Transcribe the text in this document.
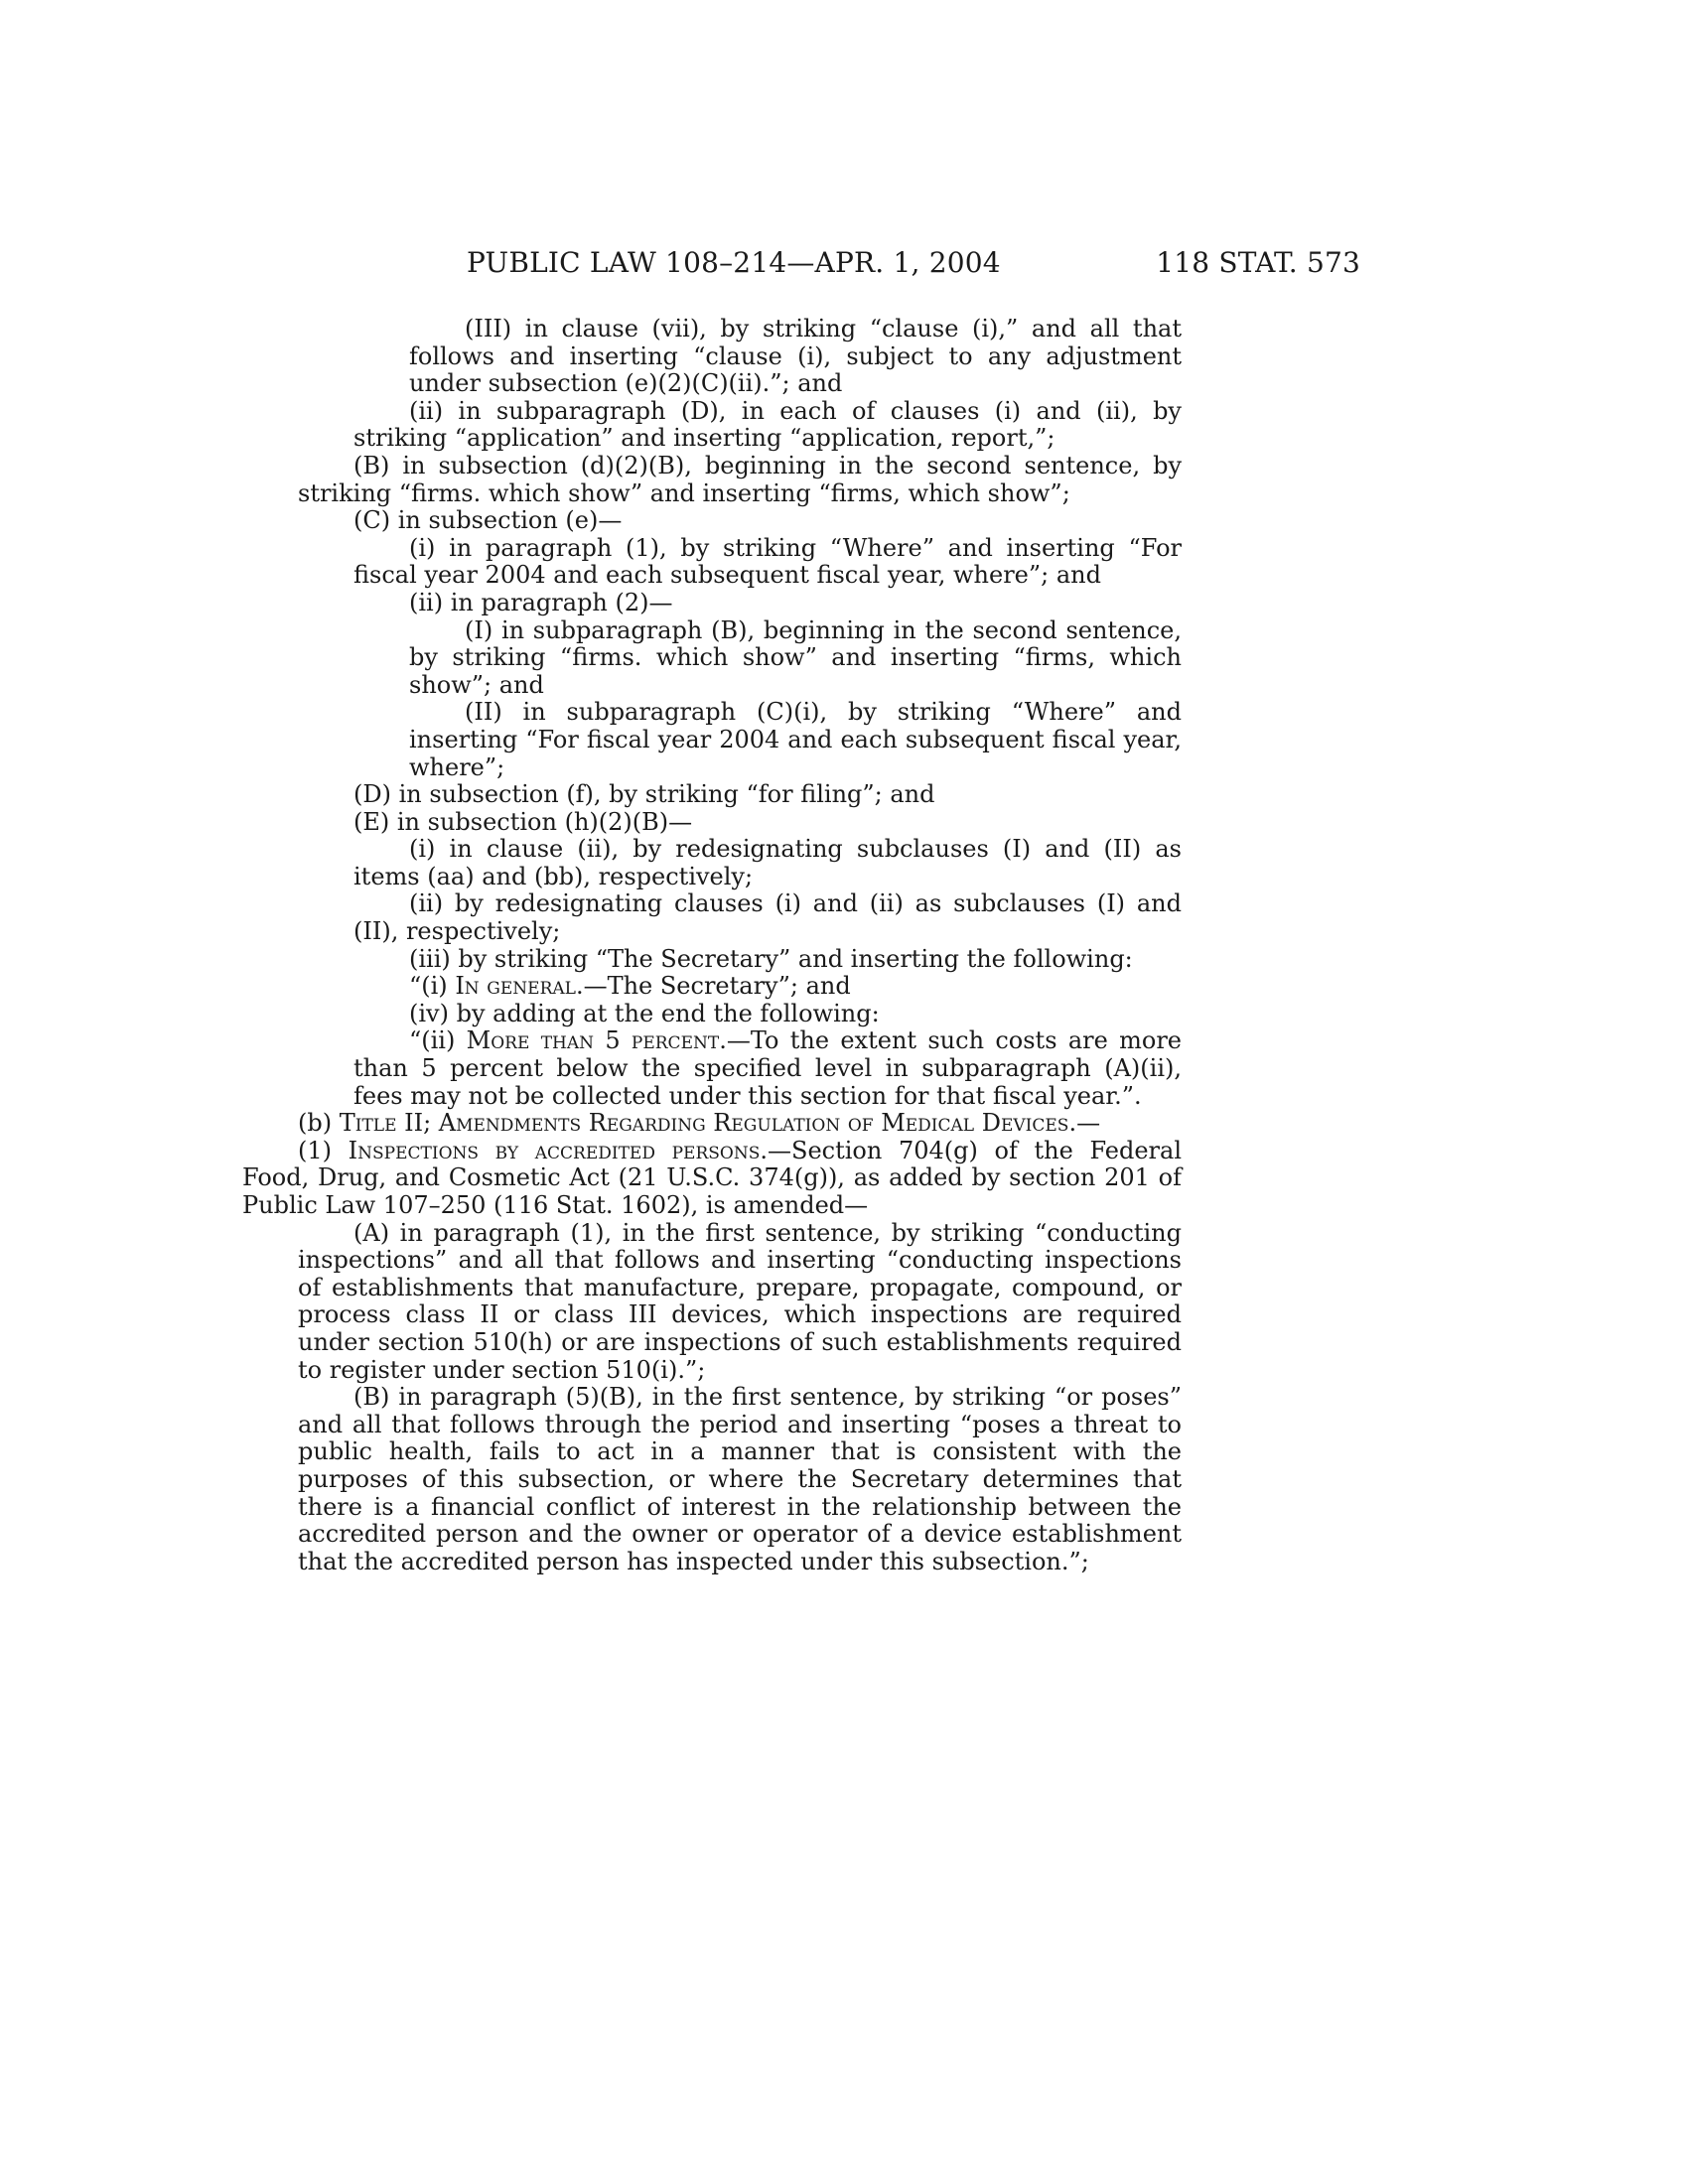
PUBLIC LAW 108–214—APR. 1, 2004	118 STAT. 573

(III) in clause (vii), by striking “clause (i),” and all that follows and inserting “clause (i), subject to any adjustment under subsection (e)(2)(C)(ii).”; and

(ii) in subparagraph (D), in each of clauses (i) and (ii), by striking “application” and inserting “application, report,”;

(B) in subsection (d)(2)(B), beginning in the second sentence, by striking “firms. which show” and inserting “firms, which show”;

(C) in subsection (e)—

(i) in paragraph (1), by striking “Where” and inserting “For fiscal year 2004 and each subsequent fiscal year, where”; and

(ii) in paragraph (2)—

(I) in subparagraph (B), beginning in the second sentence, by striking “firms. which show” and inserting “firms, which show”; and

(II) in subparagraph (C)(i), by striking “Where” and inserting “For fiscal year 2004 and each subsequent fiscal year, where”;

(D) in subsection (f), by striking “for filing”; and

(E) in subsection (h)(2)(B)—

(i) in clause (ii), by redesignating subclauses (I) and (II) as items (aa) and (bb), respectively;

(ii) by redesignating clauses (i) and (ii) as subclauses (I) and (II), respectively;

(iii) by striking “The Secretary” and inserting the following:

“(i) In general.—The Secretary”; and

(iv) by adding at the end the following:

“(ii) More than 5 percent.—To the extent such costs are more than 5 percent below the specified level in subparagraph (A)(ii), fees may not be collected under this section for that fiscal year.”.

(b) Title II; Amendments Regarding Regulation of Medical Devices.—

(1) Inspections by accredited persons.—Section 704(g) of the Federal Food, Drug, and Cosmetic Act (21 U.S.C. 374(g)), as added by section 201 of Public Law 107–250 (116 Stat. 1602), is amended—

(A) in paragraph (1), in the first sentence, by striking “conducting inspections” and all that follows and inserting “conducting inspections of establishments that manufacture, prepare, propagate, compound, or process class II or class III devices, which inspections are required under section 510(h) or are inspections of such establishments required to register under section 510(i).”;

(B) in paragraph (5)(B), in the first sentence, by striking “or poses” and all that follows through the period and inserting “poses a threat to public health, fails to act in a manner that is consistent with the purposes of this subsection, or where the Secretary determines that there is a financial conflict of interest in the relationship between the accredited person and the owner or operator of a device establishment that the accredited person has inspected under this subsection.”;
